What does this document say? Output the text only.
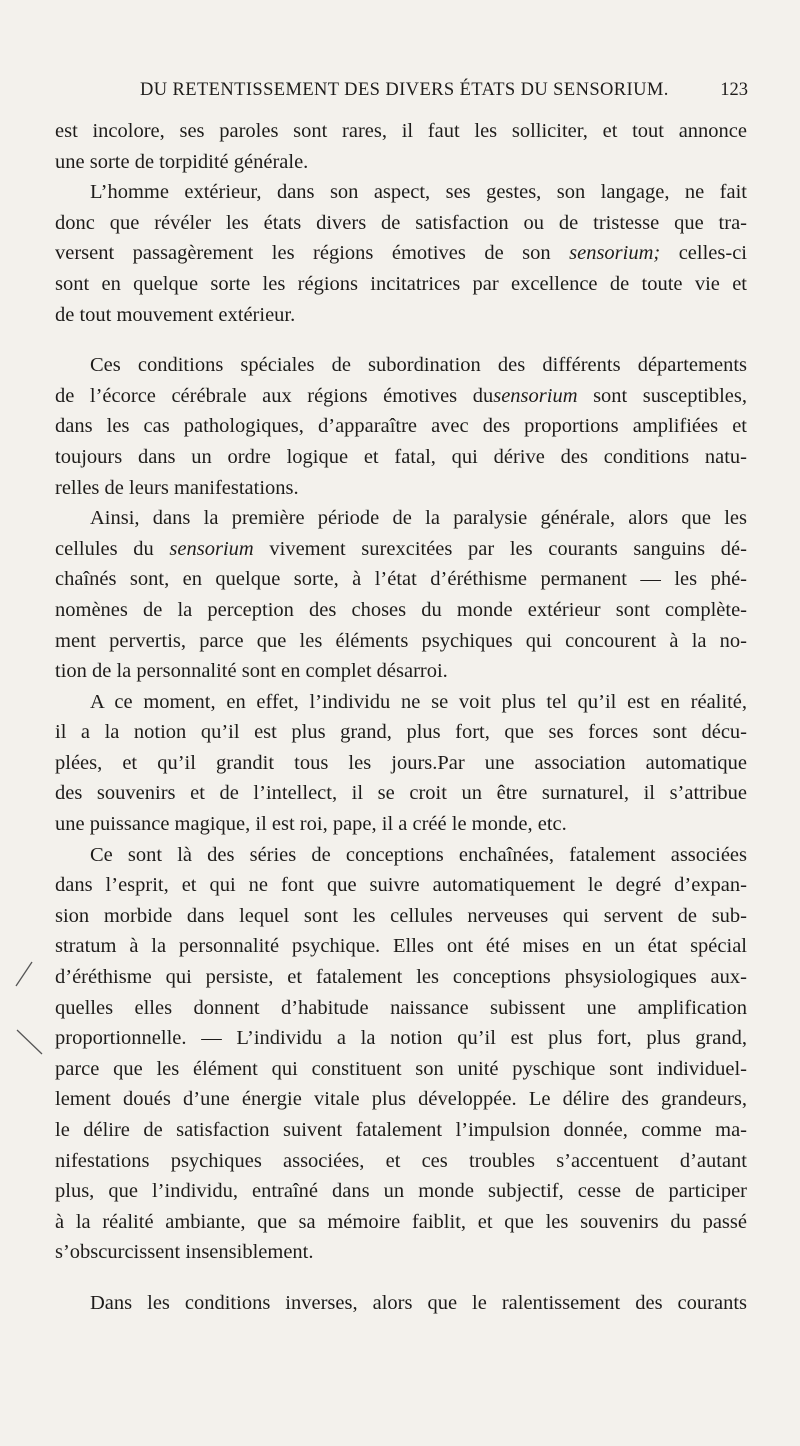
DU RETENTISSEMENT DES DIVERS ÉTATS DU SENSORIUM.	123
est incolore, ses paroles sont rares, il faut les solliciter, et tout annonce
une sorte de torpidité générale.
L’homme extérieur, dans son aspect, ses gestes, son langage, ne fait
donc que révéler les états divers de satisfaction ou de tristesse que tra-
versent passagèrement les régions émotives de son sensorium; celles-ci
sont en quelque sorte les régions incitatrices par excellence de toute vie et
de tout mouvement extérieur.
Ces conditions spéciales de subordination des différents départements
de l’écorce cérébrale aux régions émotives dusensorium sont susceptibles,
dans les cas pathologiques, d’apparaître avec des proportions amplifiées et
toujours dans un ordre logique et fatal, qui dérive des conditions natu-
relles de leurs manifestations.
Ainsi, dans la première période de la paralysie générale, alors que les
cellules du sensorium vivement surexcitées par les courants sanguins dé-
chaînés sont, en quelque sorte, à l’état d’éréthisme permanent — les phé-
nomènes de la perception des choses du monde extérieur sont complète-
ment pervertis, parce que les éléments psychiques qui concourent à la no-
tion de la personnalité sont en complet désarroi.
A ce moment, en effet, l’individu ne se voit plus tel qu’il est en réalité,
il a la notion qu’il est plus grand, plus fort, que ses forces sont décu-
plées, et qu’il grandit tous les jours.Par une association automatique
des souvenirs et de l’intellect, il se croit un être surnaturel, il s’attribue
une puissance magique, il est roi, pape, il a créé le monde, etc.
Ce sont là des séries de conceptions enchaînées, fatalement associées
dans l’esprit, et qui ne font que suivre automatiquement le degré d’expan-
sion morbide dans lequel sont les cellules nerveuses qui servent de sub-
stratum à la personnalité psychique. Elles ont été mises en un état spécial
d’éréthisme qui persiste, et fatalement les conceptions phsysiologiques aux-
quelles elles donnent d’habitude naissance subissent une amplification
proportionnelle. — L’individu a la notion qu’il est plus fort, plus grand,
parce que les élément qui constituent son unité pyschique sont individuel-
lement doués d’une énergie vitale plus développée. Le délire des grandeurs,
le délire de satisfaction suivent fatalement l’impulsion donnée, comme ma-
nifestations psychiques associées, et ces troubles s’accentuent d’autant
plus, que l’individu, entraîné dans un monde subjectif, cesse de participer
à la réalité ambiante, que sa mémoire faiblit, et que les souvenirs du passé
s’obscurcissent insensiblement.
Dans les conditions inverses, alors que le ralentissement des courants
